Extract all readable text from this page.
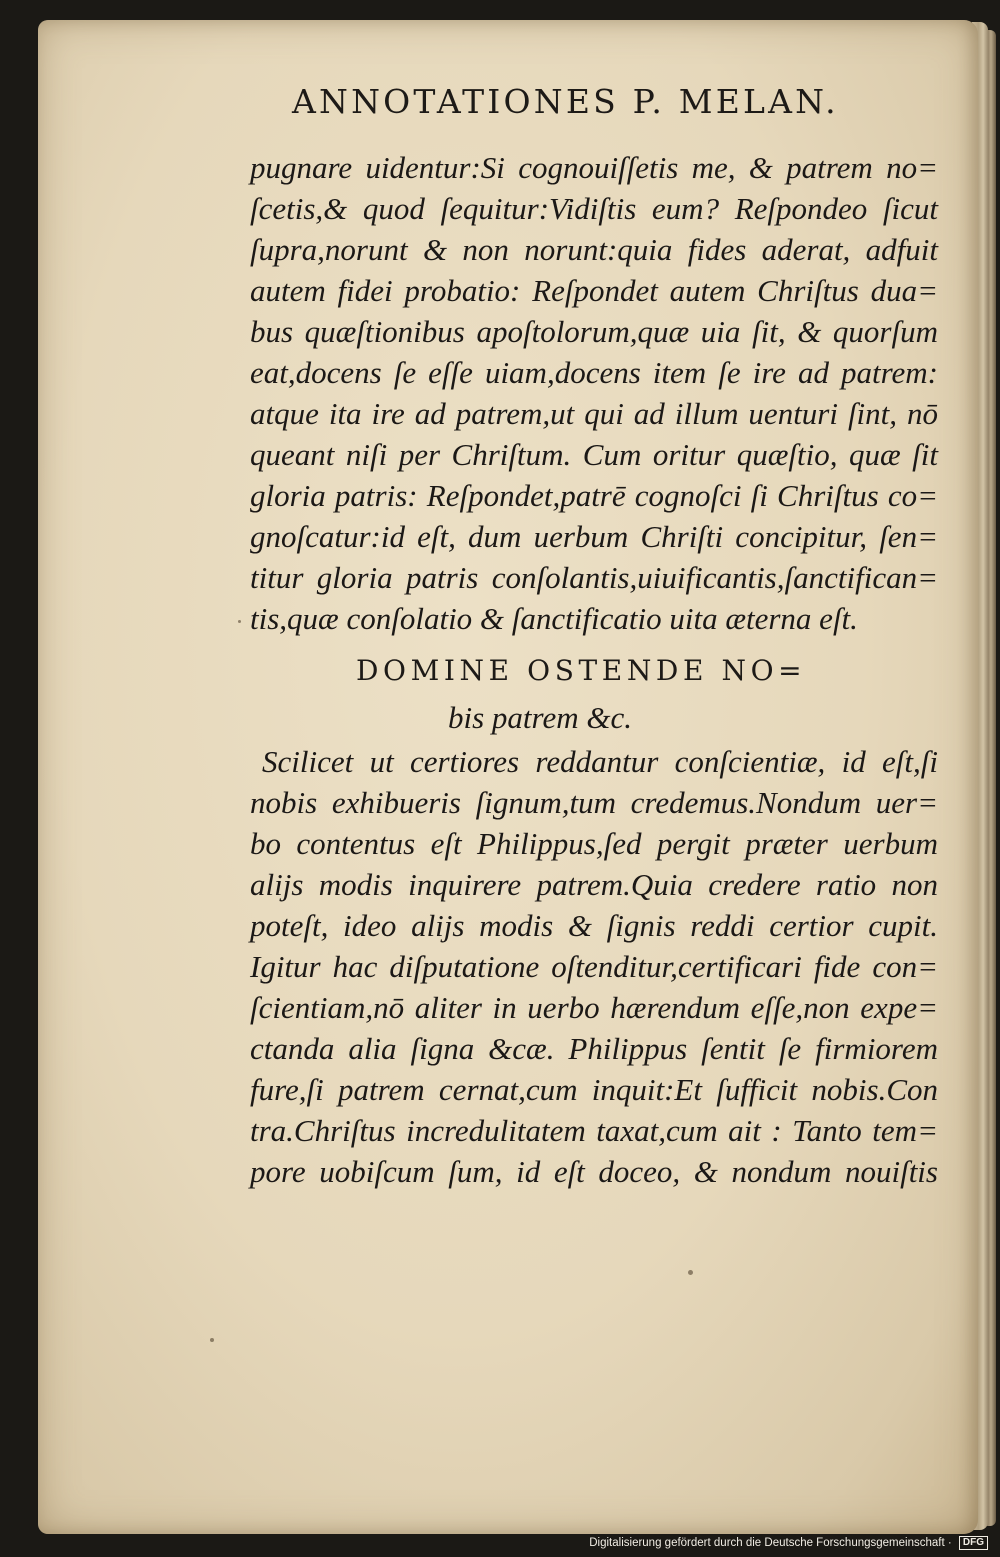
ANNOTATIONES P. MELAN.
pugnare uidentur:Si cognouiſſetis me, & patrem no=
ſcetis,& quod ſequitur:Vidiſtis eum? Reſpondeo ſicut
ſupra,norunt & non norunt:quia fides aderat, adfuit
autem fidei probatio: Reſpondet autem Chriſtus dua=
bus quæſtionibus apoſtolorum,quæ uia ſit, & quorſum
eat,docens ſe eſſe uiam,docens item ſe ire ad patrem:
atque ita ire ad patrem,ut qui ad illum uenturi ſint, nō
queant niſi per Chriſtum. Cum oritur quæſtio, quæ ſit
gloria patris: Reſpondet,patrē cognoſci ſi Chriſtus co=
gnoſcatur:id eſt, dum uerbum Chriſti concipitur, ſen=
titur gloria patris conſolantis,uiuificantis,ſanctifican=
tis,quæ conſolatio & ſanctificatio uita æterna eſt.
DOMINE OSTENDE NO=
bis patrem &c.
Scilicet ut certiores reddantur conſcientiæ, id eſt,ſi
nobis exhibueris ſignum,tum credemus.Nondum uer=
bo contentus eſt Philippus,ſed pergit præter uerbum
alijs modis inquirere patrem.Quia credere ratio non
poteſt, ideo alijs modis & ſignis reddi certior cupit.
Igitur hac diſputatione oſtenditur,certificari fide con=
ſcientiam,nō aliter in uerbo hærendum eſſe,non expe=
ctanda alia ſigna &cæ. Philippus ſentit ſe firmiorem
fure,ſi patrem cernat,cum inquit:Et ſufficit nobis.Con
tra.Chriſtus incredulitatem taxat,cum ait : Tanto tem=
pore uobiſcum ſum, id eſt doceo, & nondum nouiſtis
Digitalisierung gefördert durch die Deutsche Forschungsgemeinschaft · DFG
